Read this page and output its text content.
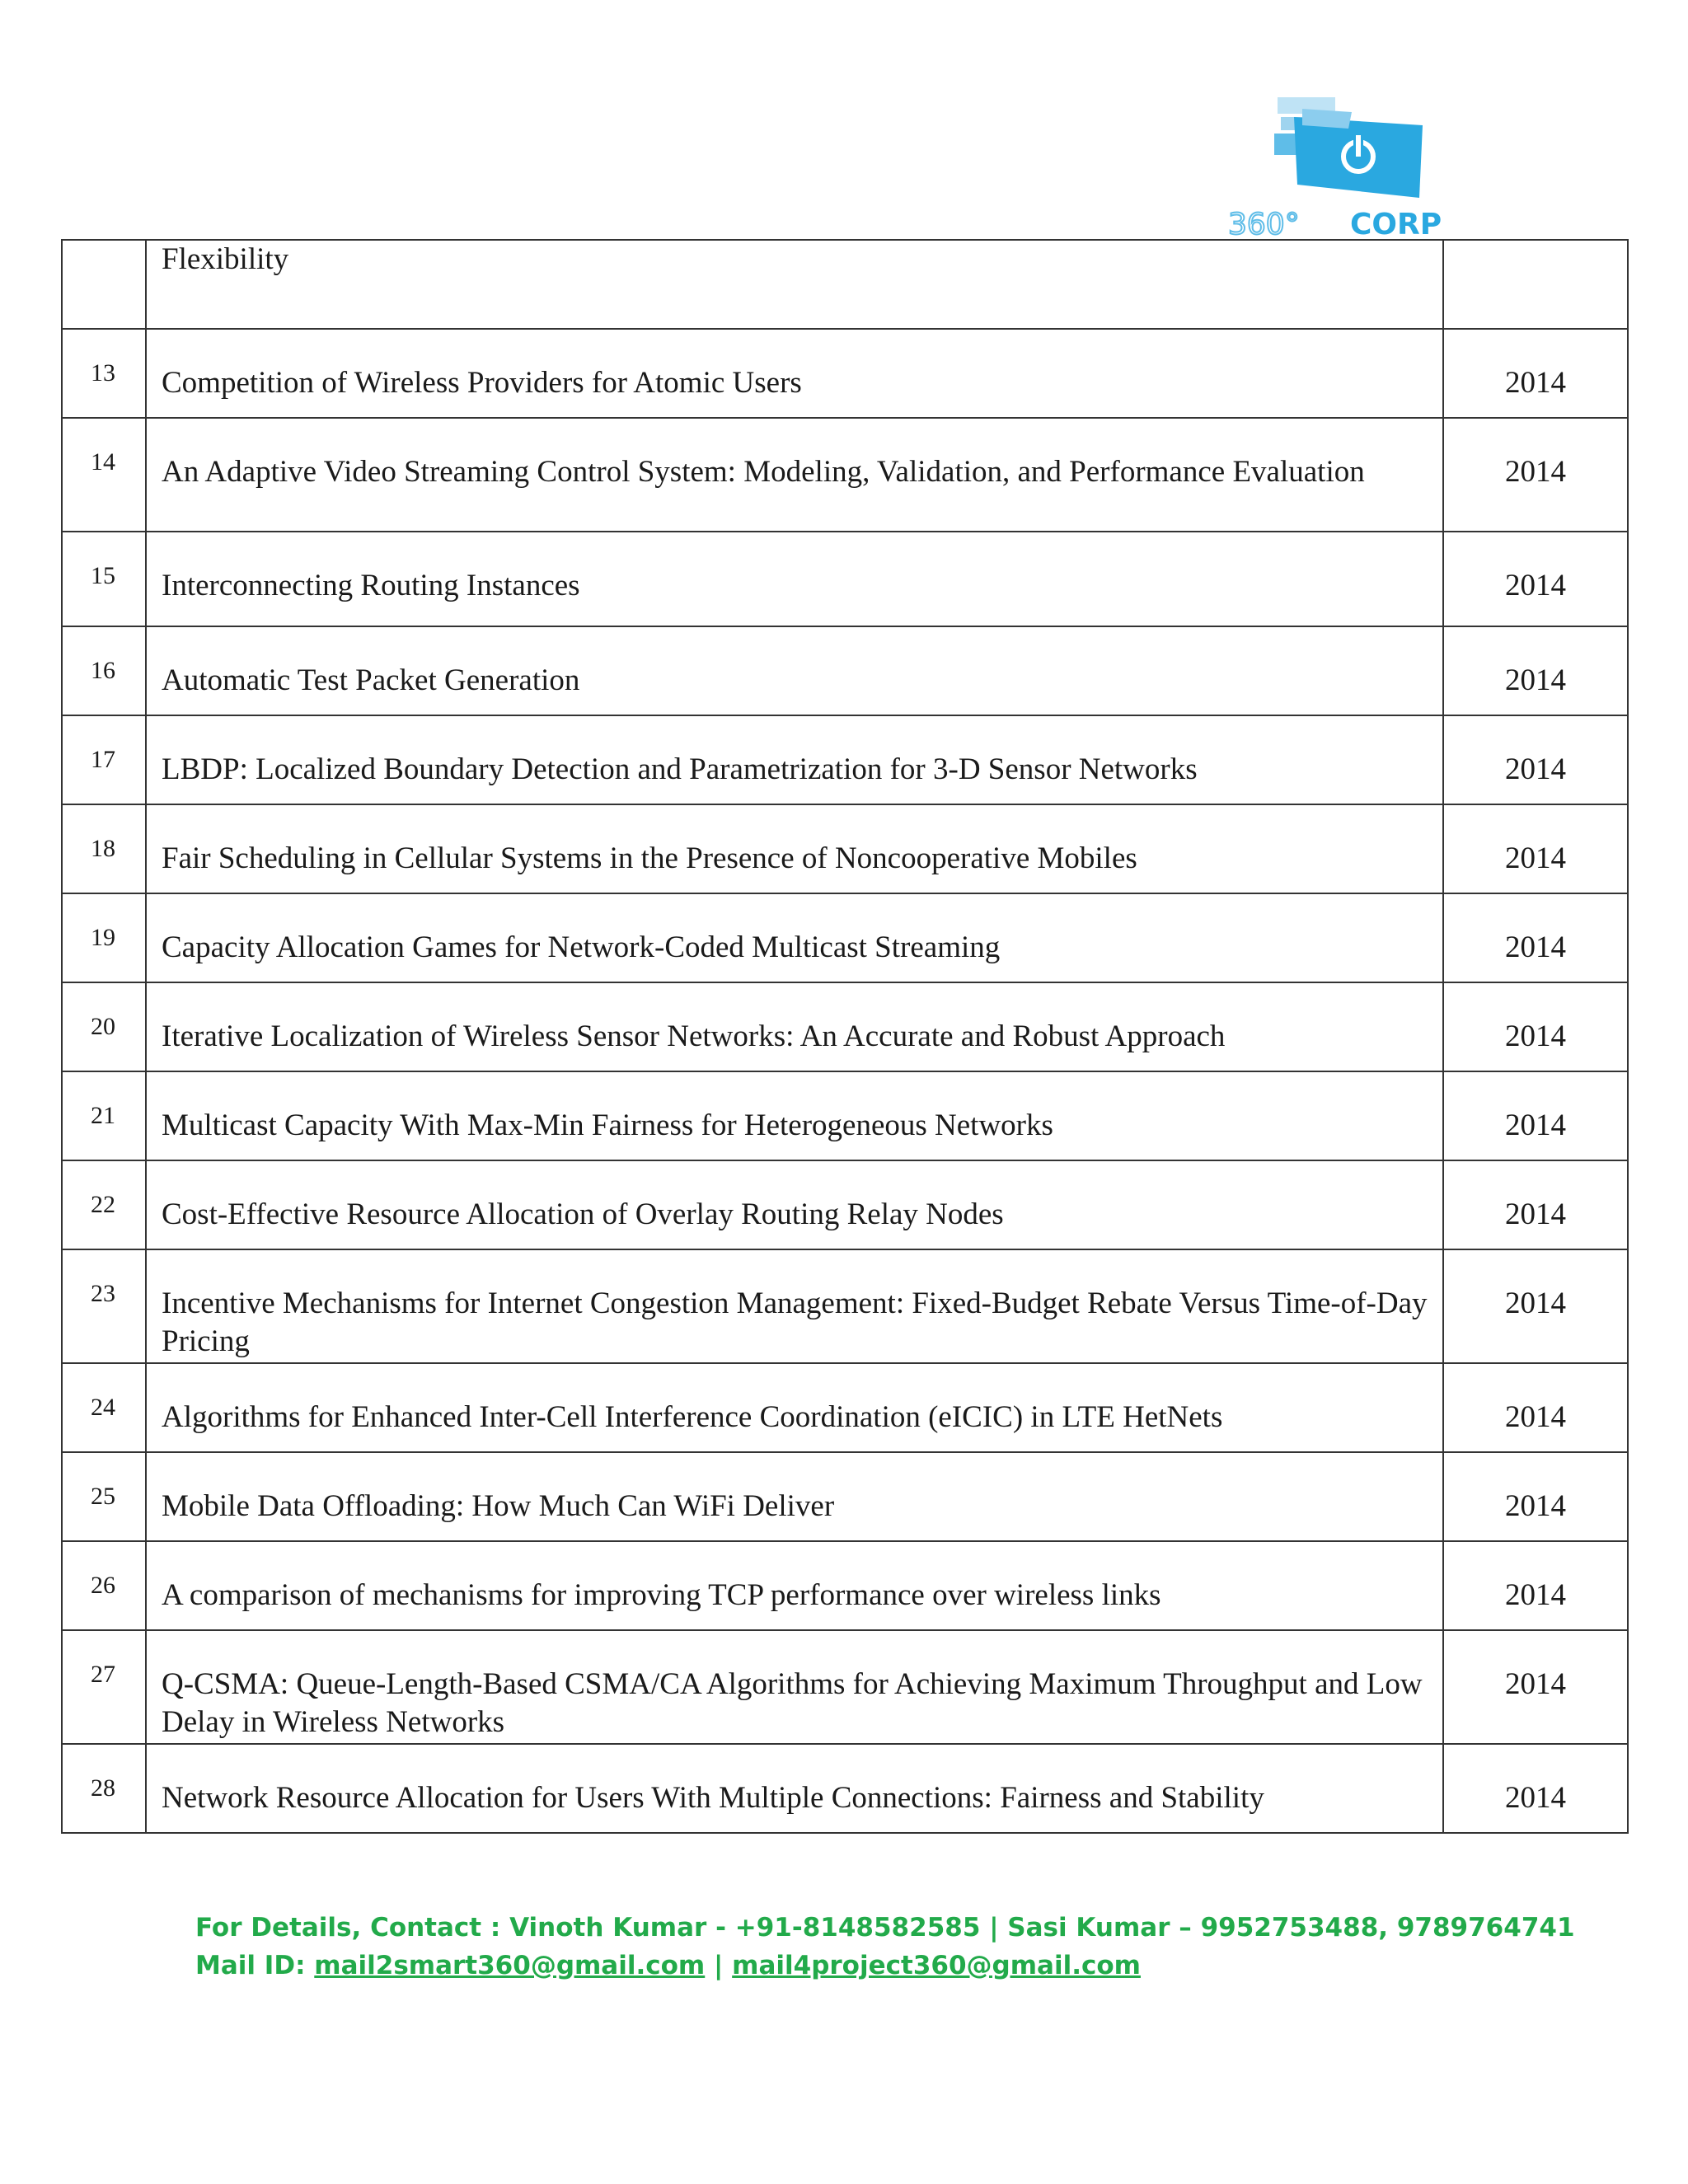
360° CORP
	Flexibility	
13	Competition of Wireless Providers for Atomic Users	2014
14	An Adaptive Video Streaming Control System: Modeling, Validation, and Performance Evaluation	2014
15	Interconnecting Routing Instances	2014
16	Automatic Test Packet Generation	2014
17	LBDP: Localized Boundary Detection and Parametrization for 3-D Sensor Networks	2014
18	Fair Scheduling in Cellular Systems in the Presence of Noncooperative Mobiles	2014
19	Capacity Allocation Games for Network-Coded Multicast Streaming	2014
20	Iterative Localization of Wireless Sensor Networks: An Accurate and Robust Approach	2014
21	Multicast Capacity With Max-Min Fairness for Heterogeneous Networks	2014
22	Cost-Effective Resource Allocation of Overlay Routing Relay Nodes	2014
23	Incentive Mechanisms for Internet Congestion Management: Fixed-Budget Rebate Versus Time-of-Day Pricing	2014
24	Algorithms for Enhanced Inter-Cell Interference Coordination (eICIC) in LTE HetNets	2014
25	Mobile Data Offloading: How Much Can WiFi Deliver	2014
26	A comparison of mechanisms for improving TCP performance over wireless links	2014
27	Q-CSMA: Queue-Length-Based CSMA/CA Algorithms for Achieving Maximum Throughput and Low Delay in Wireless Networks	2014
28	Network Resource Allocation for Users With Multiple Connections: Fairness and Stability	2014
For Details, Contact : Vinoth Kumar - +91-8148582585 | Sasi Kumar – 9952753488, 9789764741
Mail ID: mail2smart360@gmail.com | mail4project360@gmail.com
